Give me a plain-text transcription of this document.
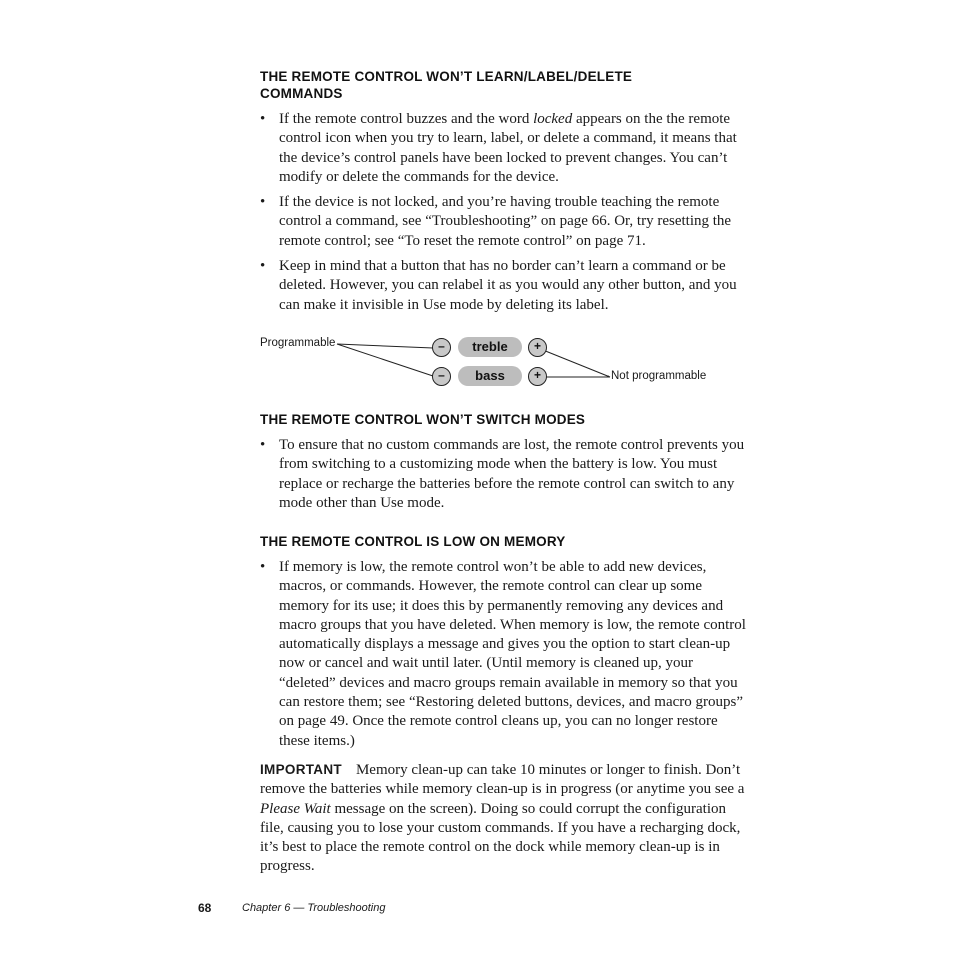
THE REMOTE CONTROL WON’T LEARN/LABEL/DELETE
COMMANDS
• If the remote control buzzes and the word locked appears on the the remote control icon when you try to learn, label, or delete a command, it means that the device’s control panels have been locked to prevent changes. You can’t modify or delete the commands for the device.
• If the device is not locked, and you’re having trouble teaching the remote control a command, see “Troubleshooting” on page 66. Or, try resetting the remote control; see “To reset the remote control” on page 71.
• Keep in mind that a button that has no border can’t learn a command or be deleted. However, you can relabel it as you would any other button, and you can make it invisible in Use mode by deleting its label.
Programmable
Not programmable
–	treble	+
–	bass	+
THE REMOTE CONTROL WON’T SWITCH MODES
• To ensure that no custom commands are lost, the remote control prevents you from switching to a customizing mode when the battery is low. You must replace or recharge the batteries before the remote control can switch to any mode other than Use mode.
THE REMOTE CONTROL IS LOW ON MEMORY
• If memory is low, the remote control won’t be able to add new devices, macros, or commands. However, the remote control can clear up some memory for its use; it does this by permanently removing any devices and macro groups that you have deleted. When memory is low, the remote control automatically displays a message and gives you the option to start clean-up now or cancel and wait until later. (Until memory is cleaned up, your “deleted” devices and macro groups remain available in memory so that you can restore them; see “Restoring deleted buttons, devices, and macro groups” on page 49. Once the remote control cleans up, you can no longer restore these items.)

IMPORTANT Memory clean-up can take 10 minutes or longer to finish. Don’t remove the batteries while memory clean-up is in progress (or anytime you see a Please Wait message on the screen). Doing so could corrupt the configuration file, causing you to lose your custom commands. If you have a recharging dock, it’s best to place the remote control on the dock while memory clean-up is in progress.

68	Chapter 6 — Troubleshooting
